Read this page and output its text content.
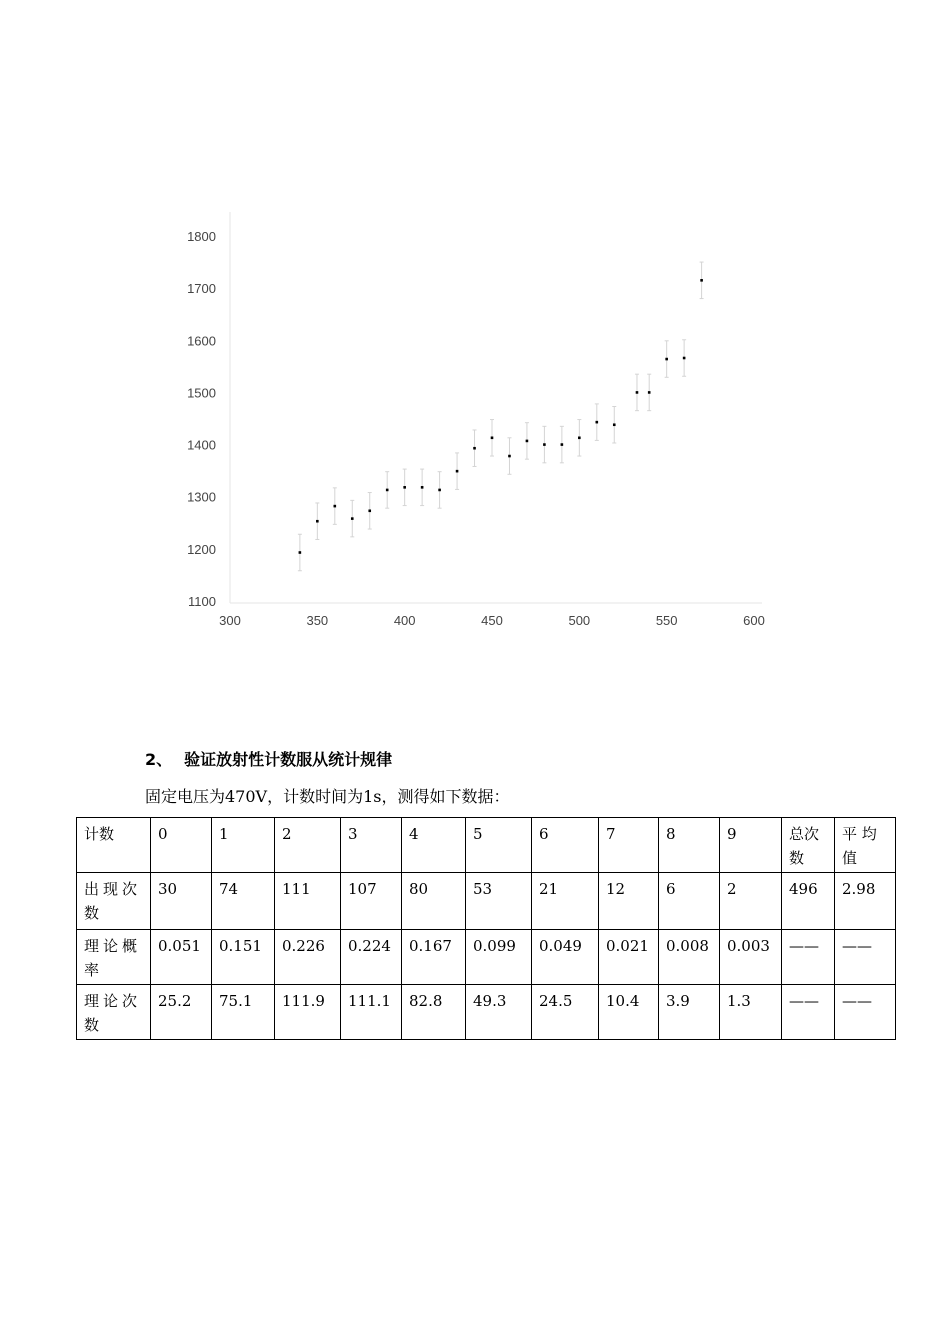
1100
1200
1300
1400
1500
1600
1700
1800
300	350	400	450	500	550	600
2、 验证放射性计数服从统计规律
固定电压为470V，计数时间为1s，测得如下数据：
计数	0	1	2	3	4	5	6	7	8	9	总次数	平 均值
出现次数	30	74	111	107	80	53	21	12	6	2	496	2.98
理论概率	0.051	0.151	0.226	0.224	0.167	0.099	0.049	0.021	0.008	0.003	——	——
理论次数	25.2	75.1	111.9	111.1	82.8	49.3	24.5	10.4	3.9	1.3	——	——
